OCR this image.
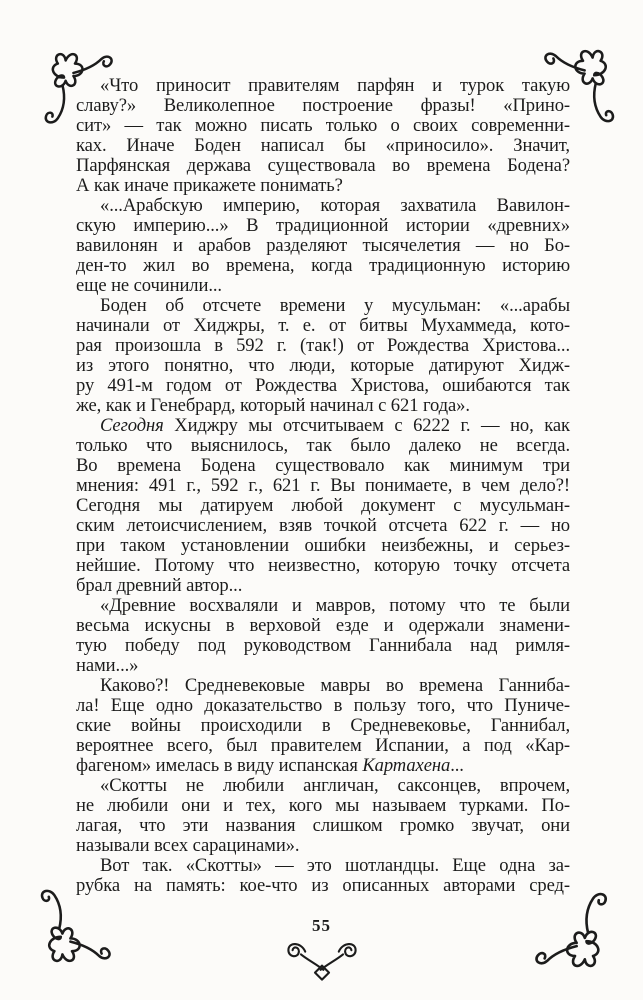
«Что приносит правителям парфян и турок такую
славу?» Великолепное построение фразы! «Прино-
сит» — так можно писать только о своих современни-
ках. Иначе Боден написал бы «приносило». Значит,
Парфянская держава существовала во времена Бодена?
А как иначе прикажете понимать?
«...Арабскую империю, которая захватила Вавилон-
скую империю...» В традиционной истории «древних»
вавилонян и арабов разделяют тысячелетия — но Бо-
ден-то жил во времена, когда традиционную историю
еще не сочинили...
Боден об отсчете времени у мусульман: «...арабы
начинали от Хиджры, т. е. от битвы Мухаммеда, кото-
рая произошла в 592 г. (так!) от Рождества Христова...
из этого понятно, что люди, которые датируют Хидж-
ру 491-м годом от Рождества Христова, ошибаются так
же, как и Генебрард, который начинал с 621 года».
Сегодня Хиджру мы отсчитываем с 6222 г. — но, как
только что выяснилось, так было далеко не всегда.
Во времена Бодена существовало как минимум три
мнения: 491 г., 592 г., 621 г. Вы понимаете, в чем дело?!
Сегодня мы датируем любой документ с мусульман-
ским летоисчислением, взяв точкой отсчета 622 г. — но
при таком установлении ошибки неизбежны, и серьез-
нейшие. Потому что неизвестно, которую точку отсчета
брал древний автор...
«Древние восхваляли и мавров, потому что те были
весьма искусны в верховой езде и одержали знамени-
тую победу под руководством Ганнибала над римля-
нами...»
Каково?! Средневековые мавры во времена Ганниба-
ла! Еще одно доказательство в пользу того, что Пуниче-
ские войны происходили в Средневековье, Ганнибал,
вероятнее всего, был правителем Испании, а под «Кар-
фагеном» имелась в виду испанская Картахена...
«Скотты не любили англичан, саксонцев, впрочем,
не любили они и тех, кого мы называем турками. По-
лагая, что эти названия слишком громко звучат, они
называли всех сарацинами».
Вот так. «Скотты» — это шотландцы. Еще одна за-
рубка на память: кое-что из описанных авторами сред-
55
